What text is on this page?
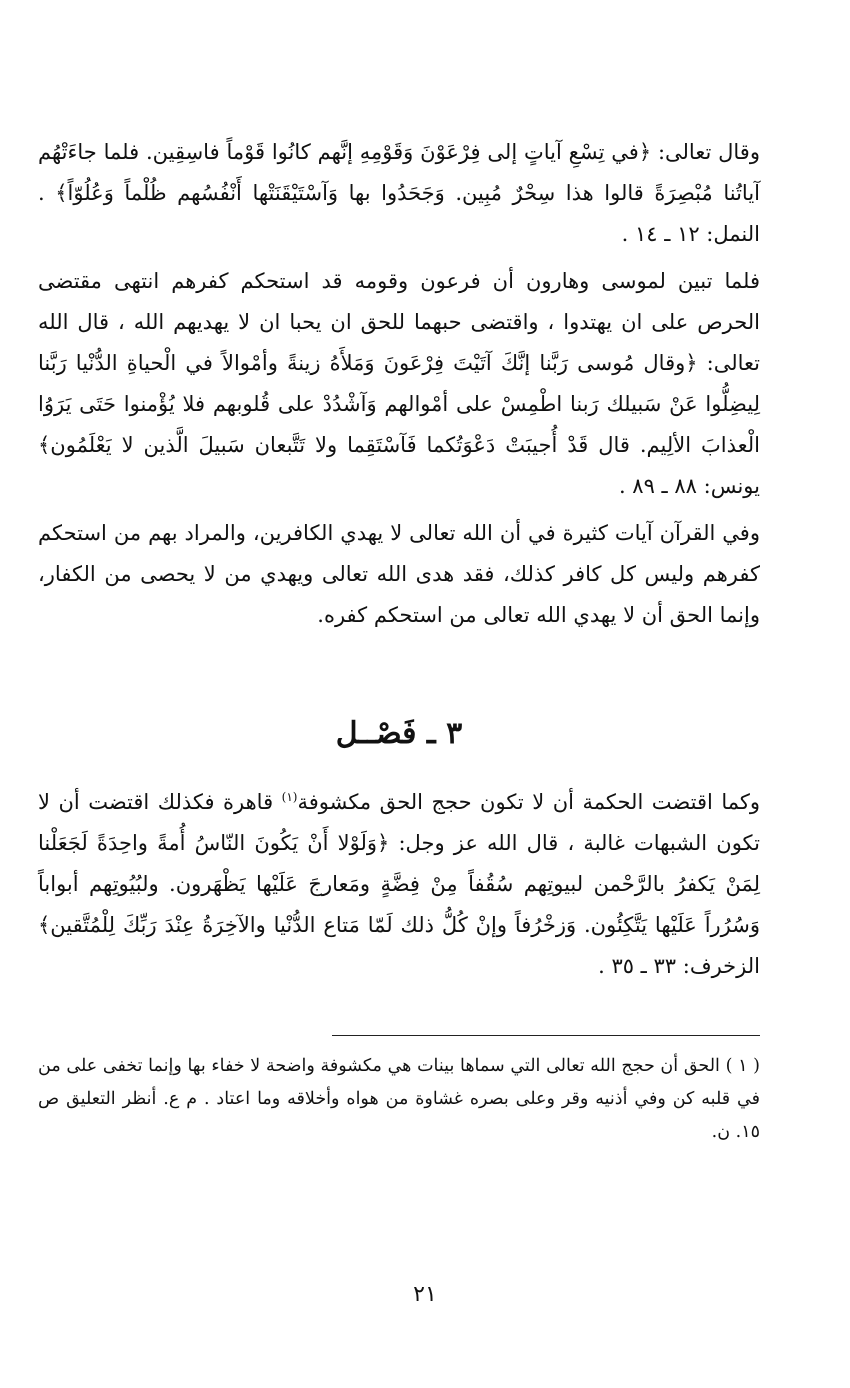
وقال تعالى: ﴿في تِسْعِ آياتٍ إلى فِرْعَوْنَ وَقَوْمِهِ إنَّهم كانُوا قَوْماً فاسِقِين. فلما جاءَتْهُم آياتُنا مُبْصِرَةً قالوا هذا سِحْرٌ مُبِين. وَجَحَدُوا بها وَآسْتَيْقَنَتْها أَنْفُسُهم ظُلْماً وَعُلُوّاً﴾ . النمل: ١٢ ـ ١٤ .

فلما تبين لموسى وهارون أن فرعون وقومه قد استحكم كفرهم انتهى مقتضى الحرص على ان يهتدوا ، واقتضى حبهما للحق ان يحبا ان لا يهديهم الله ، قال الله تعالى: ﴿وقال مُوسى رَبَّنا إنَّكَ آتَيْتَ فِرْعَونَ وَمَلأَهُ زينةً وأمْوالاً في الْحياةِ الدُّنْيا رَبَّنا لِيضِلُّوا عَنْ سَبيلك رَبنا اطْمِسْ على أمْوالهم وَآشْدُدْ على قُلوبهم فلا يُؤْمنوا حَتَى يَرَوُا الْعذابَ الألِيم. قال قَدْ أُجيبَتْ دَعْوَتُكما فَآسْتَقِما ولا تَتَّبعان سَبيلَ الَّذين لا يَعْلَمُون﴾ يونس: ٨٨ ـ ٨٩ .

وفي القرآن آيات كثيرة في أن الله تعالى لا يهدي الكافرين، والمراد بهم من استحكم كفرهم وليس كل كافر كذلك، فقد هدى الله تعالى ويهدي من لا يحصى من الكفار، وإنما الحق أن لا يهدي الله تعالى من استحكم كفره.

٣ ـ فَصْــل

وكما اقتضت الحكمة أن لا تكون حجج الحق مكشوفة$^{(١)}$ قاهرة فكذلك اقتضت أن لا تكون الشبهات غالبة ، قال الله عز وجل: ﴿وَلَوْلا أَنْ يَكُونَ النّاسُ أُمةً واحِدَةً لَجَعَلْنا لِمَنْ يَكفرُ بالرَّحْمن لبيوتِهم سُقُفاً مِنْ فِضَّةٍ ومَعارجَ عَلَيْها يَظْهَرون. ولبُيُوتِهم أبواباً وَسُرُراً عَلَيْها يَتَّكِئُون. وَزخْرُفاً وإنْ كُلُّ ذلك لَمّا مَتاع الدُّنْيا والآخِرَةُ عِنْدَ رَبِّكَ لِلْمُتَّقين﴾ الزخرف: ٣٣ ـ ٣٥ .

( ١ ) الحق أن حجج الله تعالى التي سماها بينات هي مكشوفة واضحة لا خفاء بها وإنما تخفى على من في قلبه كن وفي أذنيه وقر وعلى بصره غشاوة من هواه وأخلاقه وما اعتاد . م ع. أنظر التعليق ص ١٥. ن.

٢١
